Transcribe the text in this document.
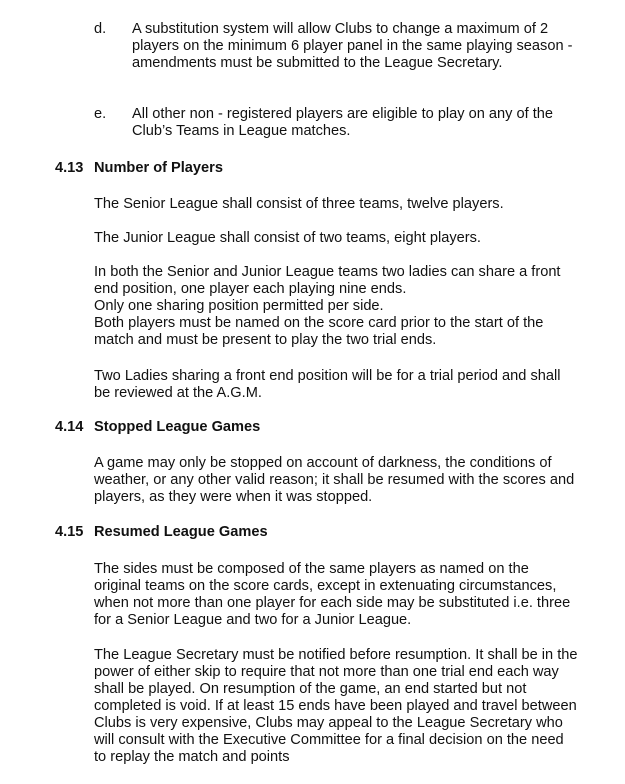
d. A substitution system will allow Clubs to change a maximum of 2 players on the minimum 6 player panel in the same playing season - amendments must be submitted to the League Secretary.
e. All other non - registered players are eligible to play on any of the Club’s Teams in League matches.
4.13 Number of Players

The Senior League shall consist of three teams, twelve players.

The Junior League shall consist of two teams, eight players.

In both the Senior and Junior League teams two ladies can share a front end position, one player each playing nine ends.
Only one sharing position permitted per side.
Both players must be named on the score card prior to the start of the match and must be present to play the two trial ends.

Two Ladies sharing a front end position will be for a trial period and shall be reviewed at the A.G.M.

4.14 Stopped League Games

A game may only be stopped on account of darkness, the conditions of weather, or any other valid reason; it shall be resumed with the scores and players, as they were when it was stopped.

4.15 Resumed League Games

The sides must be composed of the same players as named on the original teams on the score cards, except in extenuating circumstances, when not more than one player for each side may be substituted i.e. three for a Senior League and two for a Junior League.

The League Secretary must be notified before resumption. It shall be in the power of either skip to require that not more than one trial end each way shall be played. On resumption of the game, an end started but not completed is void. If at least 15 ends have been played and travel between Clubs is very expensive, Clubs may appeal to the League Secretary who will consult with the Executive Committee for a final decision on the need to replay the match and points
